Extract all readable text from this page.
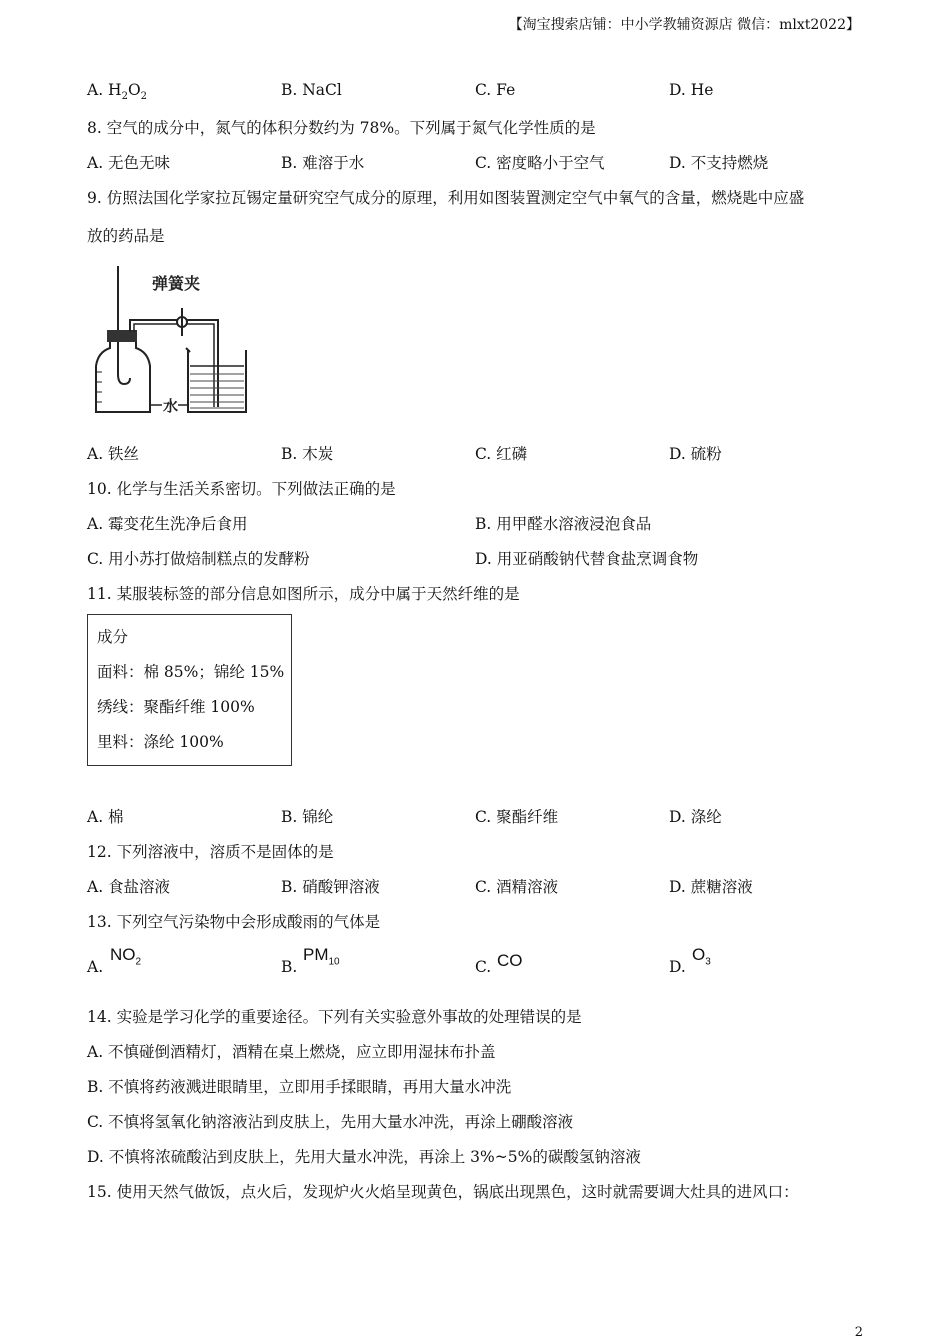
【淘宝搜索店铺：中小学教辅资源店 微信：mlxt2022】
A. $H_2O_2$	B. NaCl	C. Fe	D. He
8. 空气的成分中，氮气的体积分数约为 78%。下列属于氮气化学性质的是
A. 无色无味	B. 难溶于水	C. 密度略小于空气	D. 不支持燃烧
9. 仿照法国化学家拉瓦锡定量研究空气成分的原理，利用如图装置测定空气中氧气的含量，燃烧匙中应盛
放的药品是
弹簧夹
水
A. 铁丝	B. 木炭	C. 红磷	D. 硫粉
10. 化学与生活关系密切。下列做法正确的是
A. 霉变花生洗净后食用	B. 用甲醛水溶液浸泡食品
C. 用小苏打做焙制糕点的发酵粉	D. 用亚硝酸钠代替食盐烹调食物
11. 某服装标签的部分信息如图所示，成分中属于天然纤维的是
成分
面料：棉 85%；锦纶 15%
绣线：聚酯纤维 100%
里料：涤纶 100%
A. 棉	B. 锦纶	C. 聚酯纤维	D. 涤纶
12. 下列溶液中，溶质不是固体的是
A. 食盐溶液	B. 硝酸钾溶液	C. 酒精溶液	D. 蔗糖溶液
13. 下列空气污染物中会形成酸雨的气体是
A.
$NO_2$	B.
$PM_{10}$	C. CO	D.
$O_3$
14. 实验是学习化学的重要途径。下列有关实验意外事故的处理错误的是
A. 不慎碰倒酒精灯，酒精在桌上燃烧，应立即用湿抹布扑盖
B. 不慎将药液溅进眼睛里，立即用手揉眼睛，再用大量水冲洗
C. 不慎将氢氧化钠溶液沾到皮肤上，先用大量水冲洗，再涂上硼酸溶液
D. 不慎将浓硫酸沾到皮肤上，先用大量水冲洗，再涂上 3%~5%的碳酸氢钠溶液
15. 使用天然气做饭，点火后，发现炉火火焰呈现黄色，锅底出现黑色，这时就需要调大灶具的进风口：
2
